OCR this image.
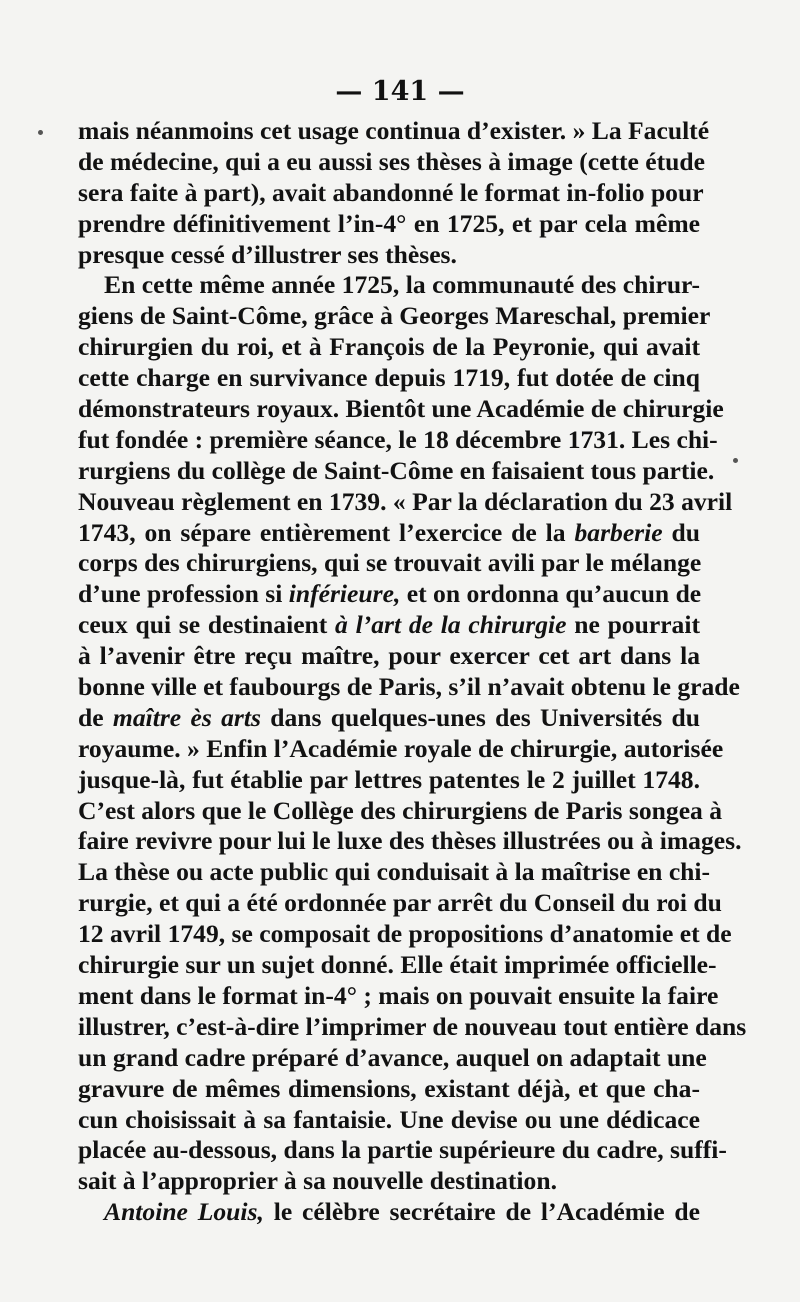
— 141 —
mais néanmoins cet usage continua d’exister. » La Faculté
de médecine, qui a eu aussi ses thèses à image (cette étude
sera faite à part), avait abandonné le format in-folio pour
prendre définitivement l’in-4° en 1725, et par cela même
presque cessé d’illustrer ses thèses.
En cette même année 1725, la communauté des chirur-
giens de Saint-Côme, grâce à Georges Mareschal, premier
chirurgien du roi, et à François de la Peyronie, qui avait
cette charge en survivance depuis 1719, fut dotée de cinq
démonstrateurs royaux. Bientôt une Académie de chirurgie
fut fondée : première séance, le 18 décembre 1731. Les chi-
rurgiens du collège de Saint-Côme en faisaient tous partie.
Nouveau règlement en 1739. « Par la déclaration du 23 avril
1743, on sépare entièrement l’exercice de la barberie du
corps des chirurgiens, qui se trouvait avili par le mélange
d’une profession si inférieure, et on ordonna qu’aucun de
ceux qui se destinaient à l’art de la chirurgie ne pourrait
à l’avenir être reçu maître, pour exercer cet art dans la
bonne ville et faubourgs de Paris, s’il n’avait obtenu le grade
de maître ès arts dans quelques-unes des Universités du
royaume. » Enfin l’Académie royale de chirurgie, autorisée
jusque-là, fut établie par lettres patentes le 2 juillet 1748.
C’est alors que le Collège des chirurgiens de Paris songea à
faire revivre pour lui le luxe des thèses illustrées ou à images.
La thèse ou acte public qui conduisait à la maîtrise en chi-
rurgie, et qui a été ordonnée par arrêt du Conseil du roi du
12 avril 1749, se composait de propositions d’anatomie et de
chirurgie sur un sujet donné. Elle était imprimée officielle-
ment dans le format in-4° ; mais on pouvait ensuite la faire
illustrer, c’est-à-dire l’imprimer de nouveau tout entière dans
un grand cadre préparé d’avance, auquel on adaptait une
gravure de mêmes dimensions, existant déjà, et que cha-
cun choisissait à sa fantaisie. Une devise ou une dédicace
placée au-dessous, dans la partie supérieure du cadre, suffi-
sait à l’approprier à sa nouvelle destination.
Antoine Louis, le célèbre secrétaire de l’Académie de
